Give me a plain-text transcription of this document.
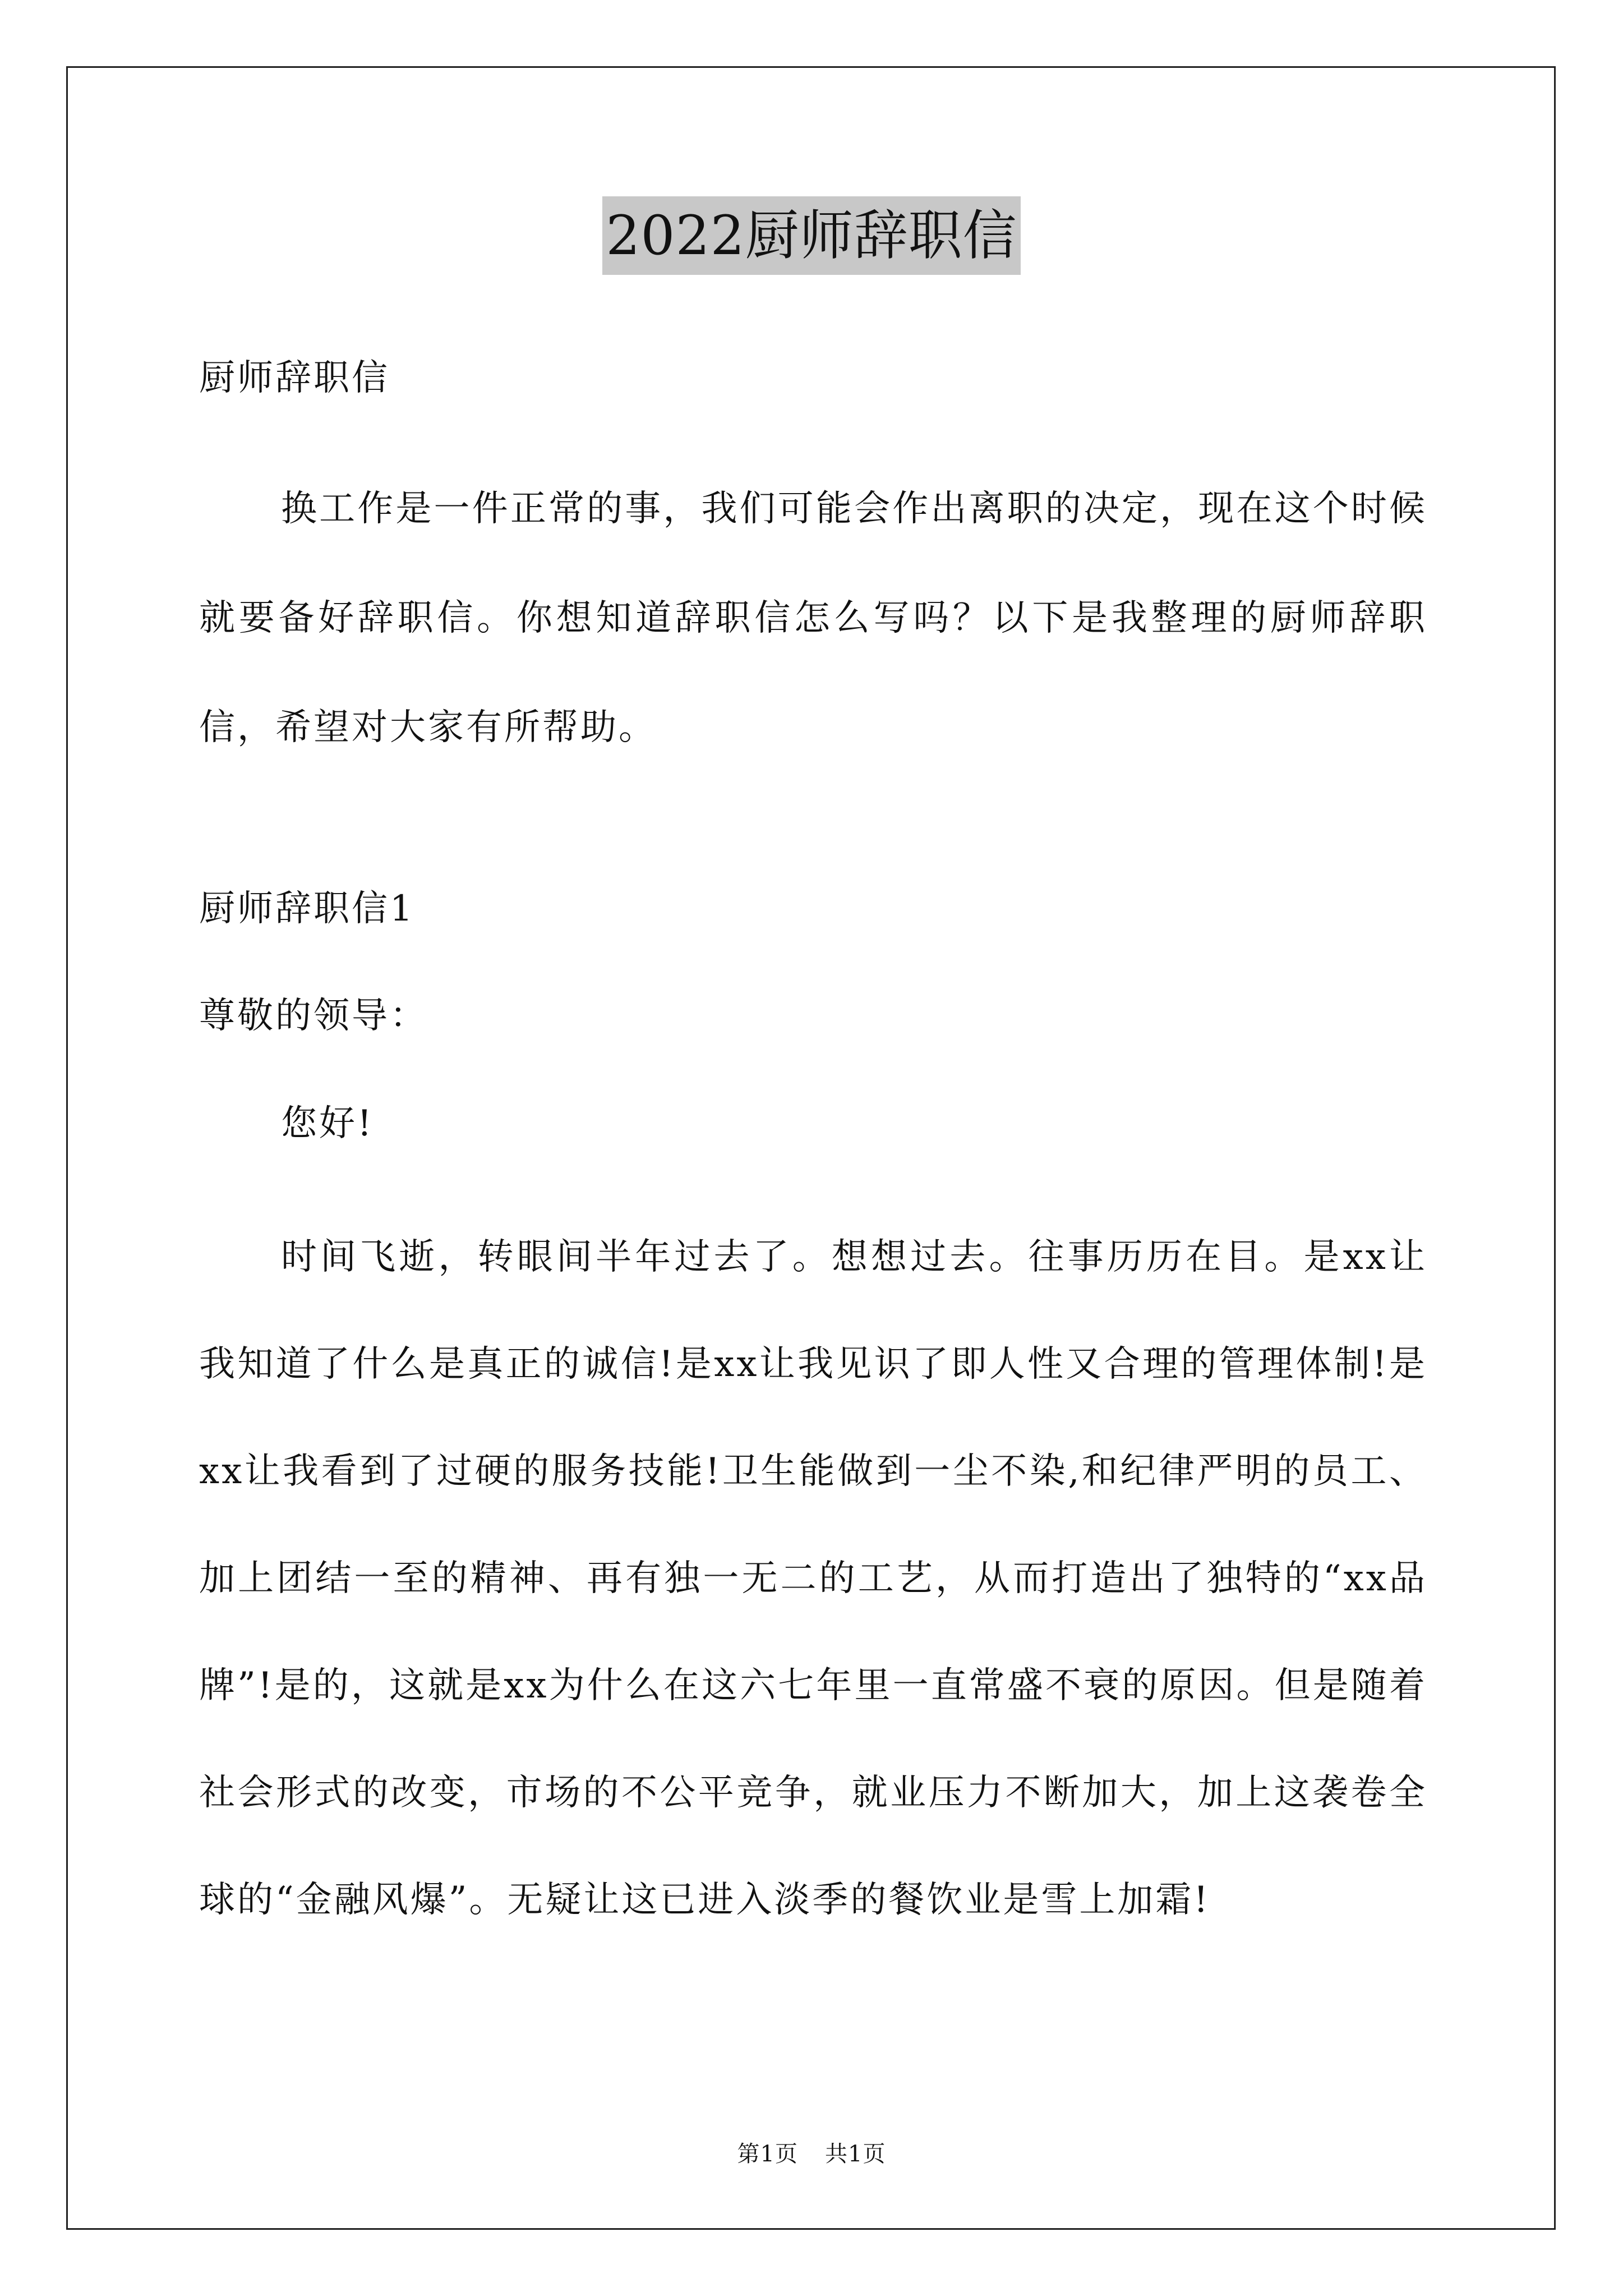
2022厨师辞职信

厨师辞职信

换工作是一件正常的事，我们可能会作出离职的决定，现在这个时候就要备好辞职信。你想知道辞职信怎么写吗？以下是我整理的厨师辞职信，希望对大家有所帮助。

厨师辞职信1

尊敬的领导：

您好!

时间飞逝，转眼间半年过去了。想想过去。往事历历在目。是xx让我知道了什么是真正的诚信!是xx让我见识了即人性又合理的管理体制!是xx让我看到了过硬的服务技能!卫生能做到一尘不染,和纪律严明的员工、加上团结一至的精神、再有独一无二的工艺，从而打造出了独特的“xx品牌”!是的，这就是xx为什么在这六七年里一直常盛不衰的原因。但是随着社会形式的改变，市场的不公平竞争，就业压力不断加大，加上这袭卷全球的“金融风爆”。无疑让这已进入淡季的餐饮业是雪上加霜!

第1页 共1页
